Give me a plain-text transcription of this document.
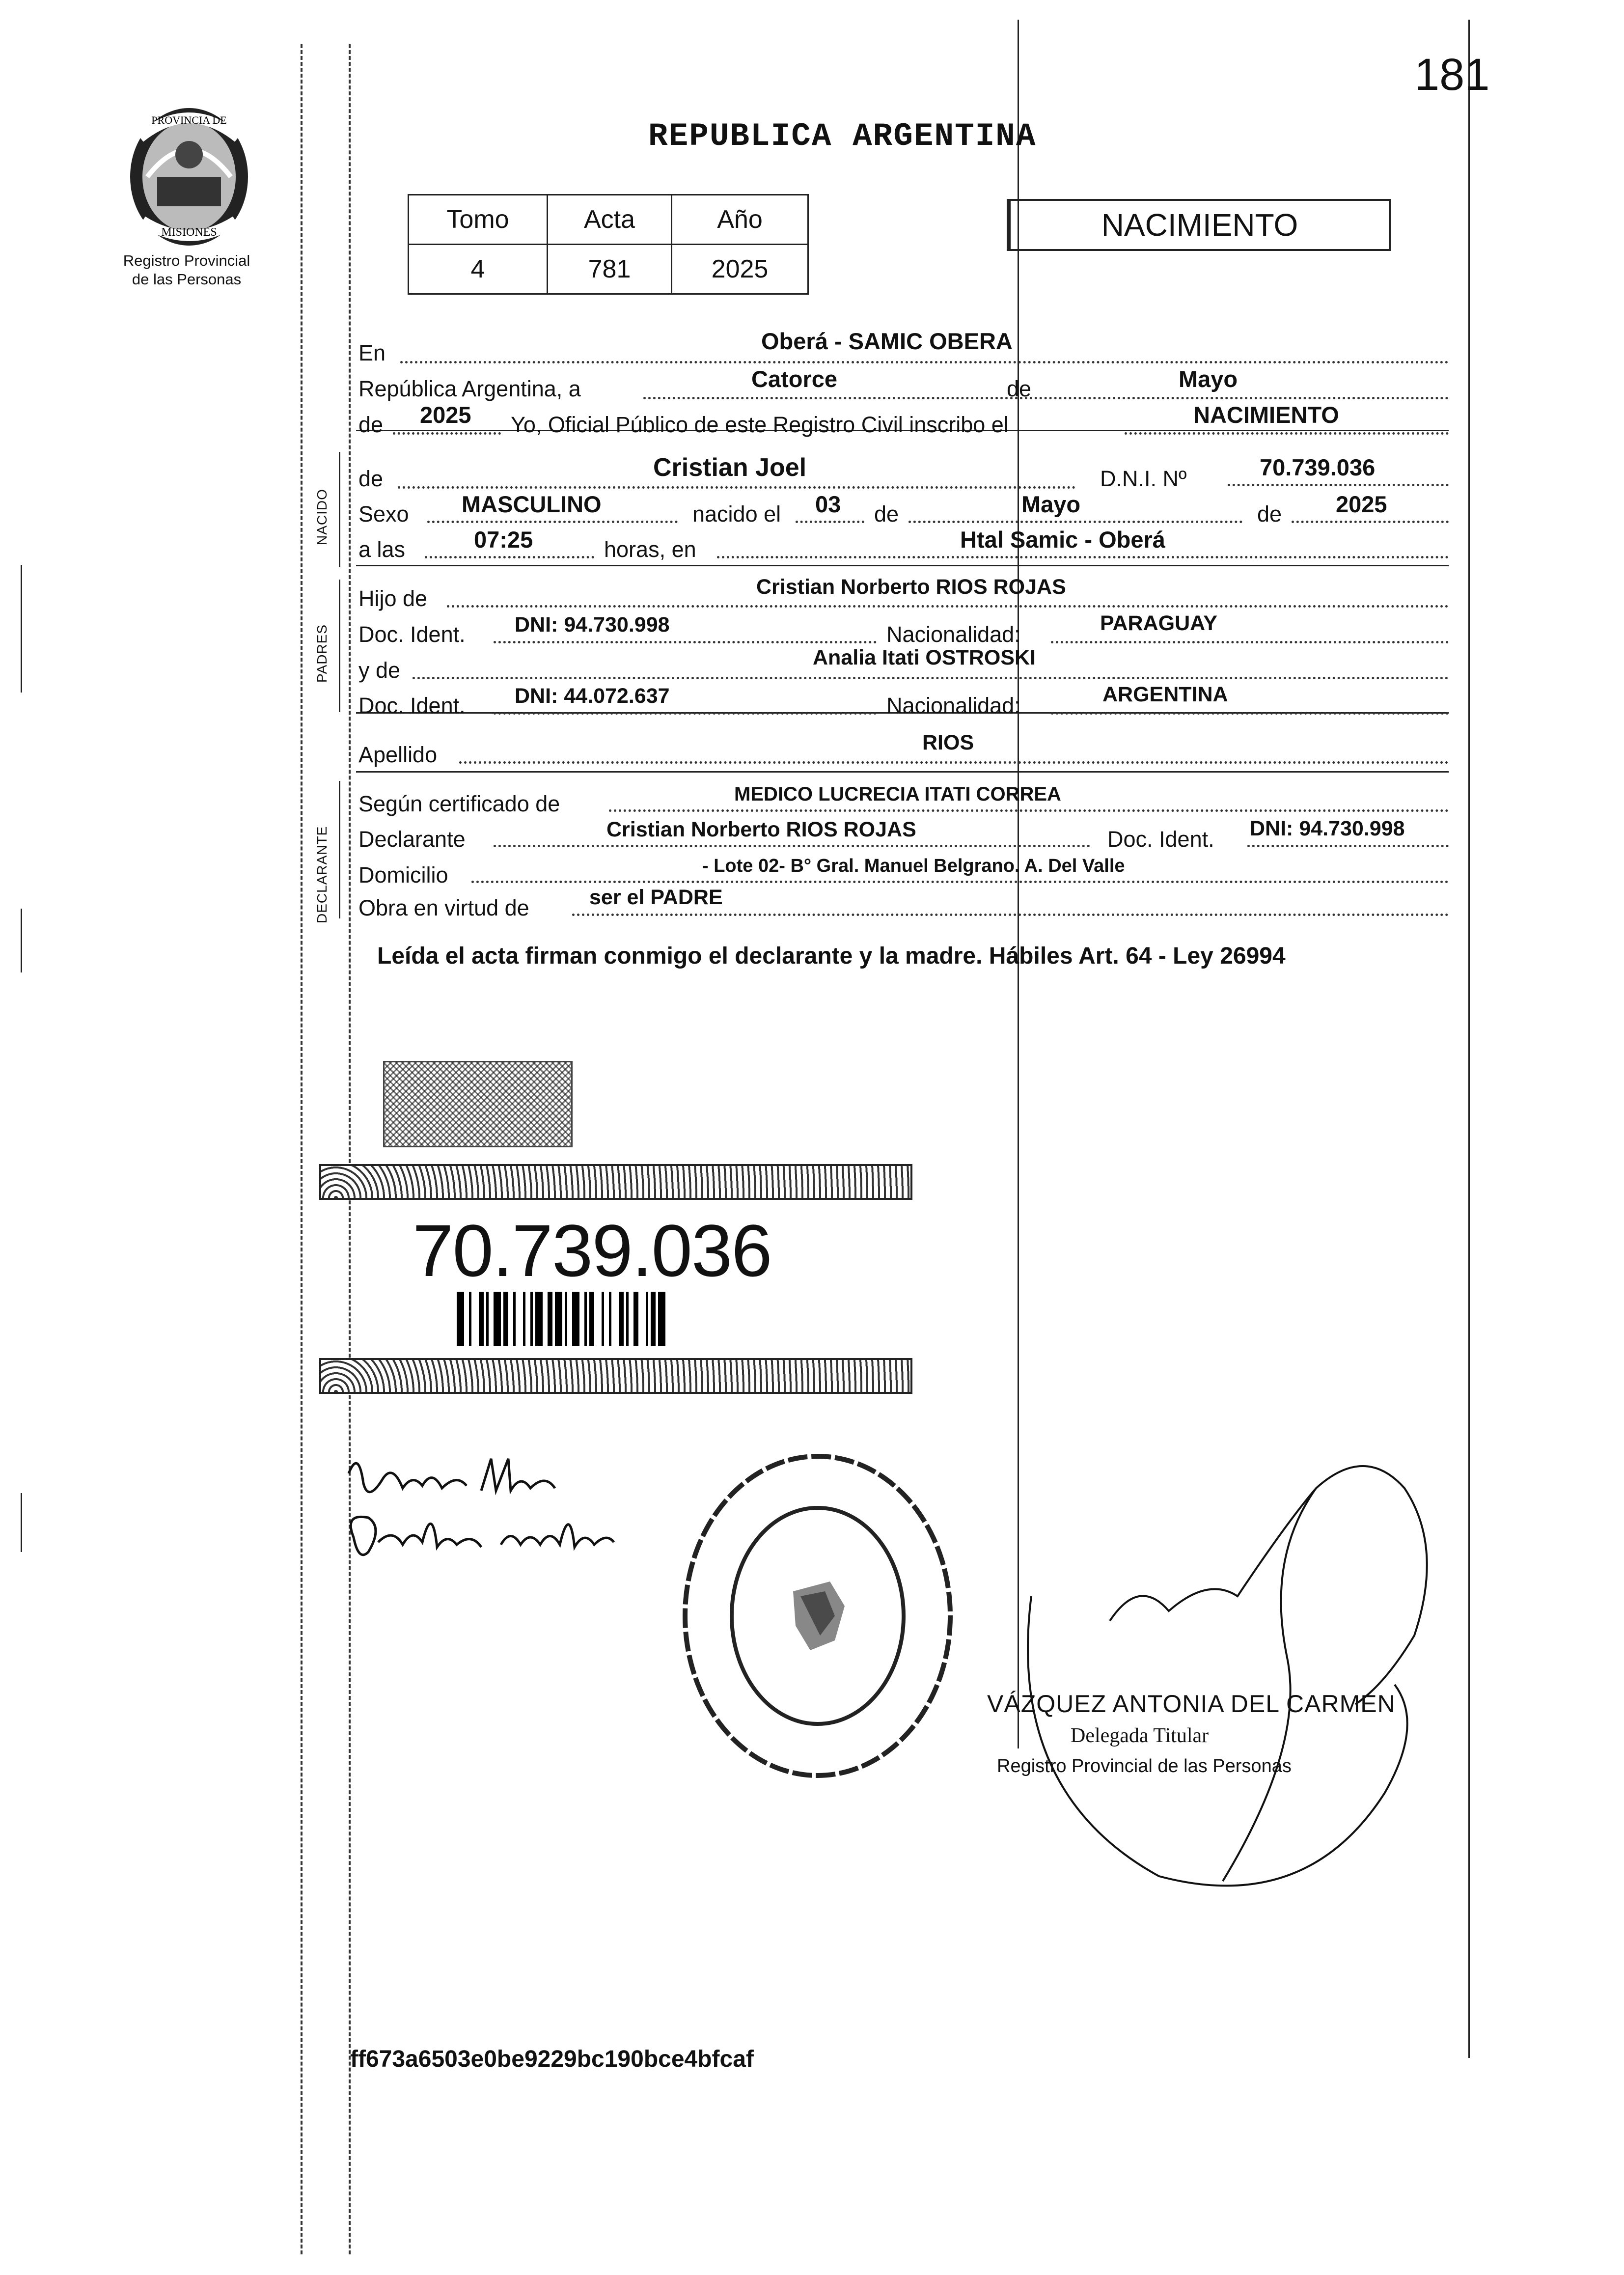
181
REPUBLICA ARGENTINA
PROVINCIA DE
MISIONES
Registro Provincial
de las Personas
Tomo	Acta	Año
4	781	2025
NACIMIENTO
NACIDO
PADRES
DECLARANTE
En	Oberá - SAMIC OBERA
República Argentina, a	Catorce	de	Mayo
de 2025 Yo, Oficial Público de este Registro Civil inscribo el	NACIMIENTO
de	Cristian Joel	D.N.I. Nº	70.739.036
Sexo MASCULINO	nacido el 03 de	Mayo	de 2025
a las	07:25	horas, en	Htal Samic - Oberá
Hijo de	Cristian Norberto RIOS ROJAS
Doc. Ident. DNI: 94.730.998	Nacionalidad:	PARAGUAY
y de	Analia Itati OSTROSKI
Doc. Ident. DNI: 44.072.637	Nacionalidad:	ARGENTINA
Apellido	RIOS
Según certificado de	MEDICO LUCRECIA ITATI CORREA
Declarante	Cristian Norberto RIOS ROJAS	Doc. Ident. DNI: 94.730.998
Domicilio	- Lote 02- B° Gral. Manuel Belgrano. A. Del Valle
Obra en virtud de	ser el PADRE
Leída el acta firman conmigo el declarante y la madre. Hábiles Art. 64 - Ley 26994
70.739.036
VÁZQUEZ ANTONIA DEL CARMEN
Delegada Titular
Registro Provincial de las Personas
ff673a6503e0be9229bc190bce4bfcaf
